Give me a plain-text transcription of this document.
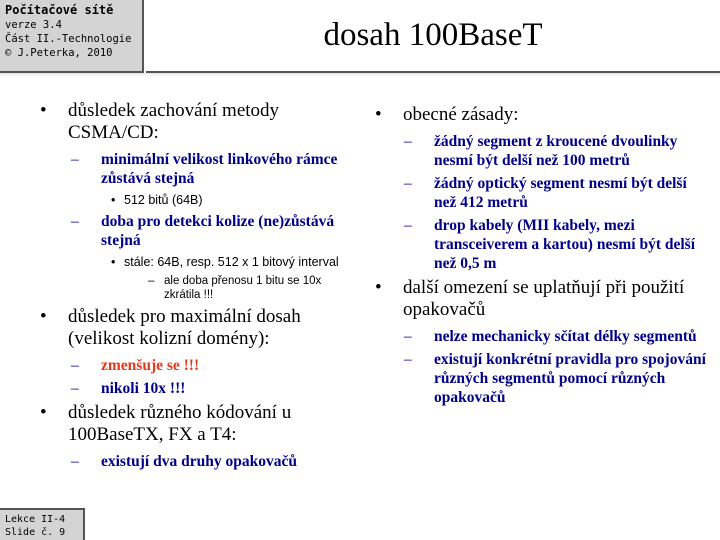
Počítačové sítě
verze 3.4
Část II.-Technologie
© J.Peterka, 2010	dosah 100BaseT
• důsledek zachování metody CSMA/CD:
– minimální velikost linkového rámce zůstává stejná
• 512 bitů (64B)
– doba pro detekci kolize (ne)zůstává stejná
• stále: 64B, resp. 512 x 1 bitový interval
– ale doba přenosu 1 bitu se 10x zkrátila !!!
• důsledek pro maximální dosah (velikost kolizní domény):
– zmenšuje se !!!
– nikoli 10x !!!
• důsledek různého kódování u 100BaseTX, FX a T4:
– existují dva druhy opakovačů
• obecné zásady:
– žádný segment z kroucené dvoulinky nesmí být delší než 100 metrů
– žádný optický segment nesmí být delší než 412 metrů
– drop kabely (MII kabely, mezi transceiverem a kartou) nesmí být delší než 0,5 m
• další omezení se uplatňují při použití opakovačů
– nelze mechanicky sčítat délky segmentů
– existují konkrétní pravidla pro spojování různých segmentů pomocí různých opakovačů
Lekce II-4
Slide č. 9
